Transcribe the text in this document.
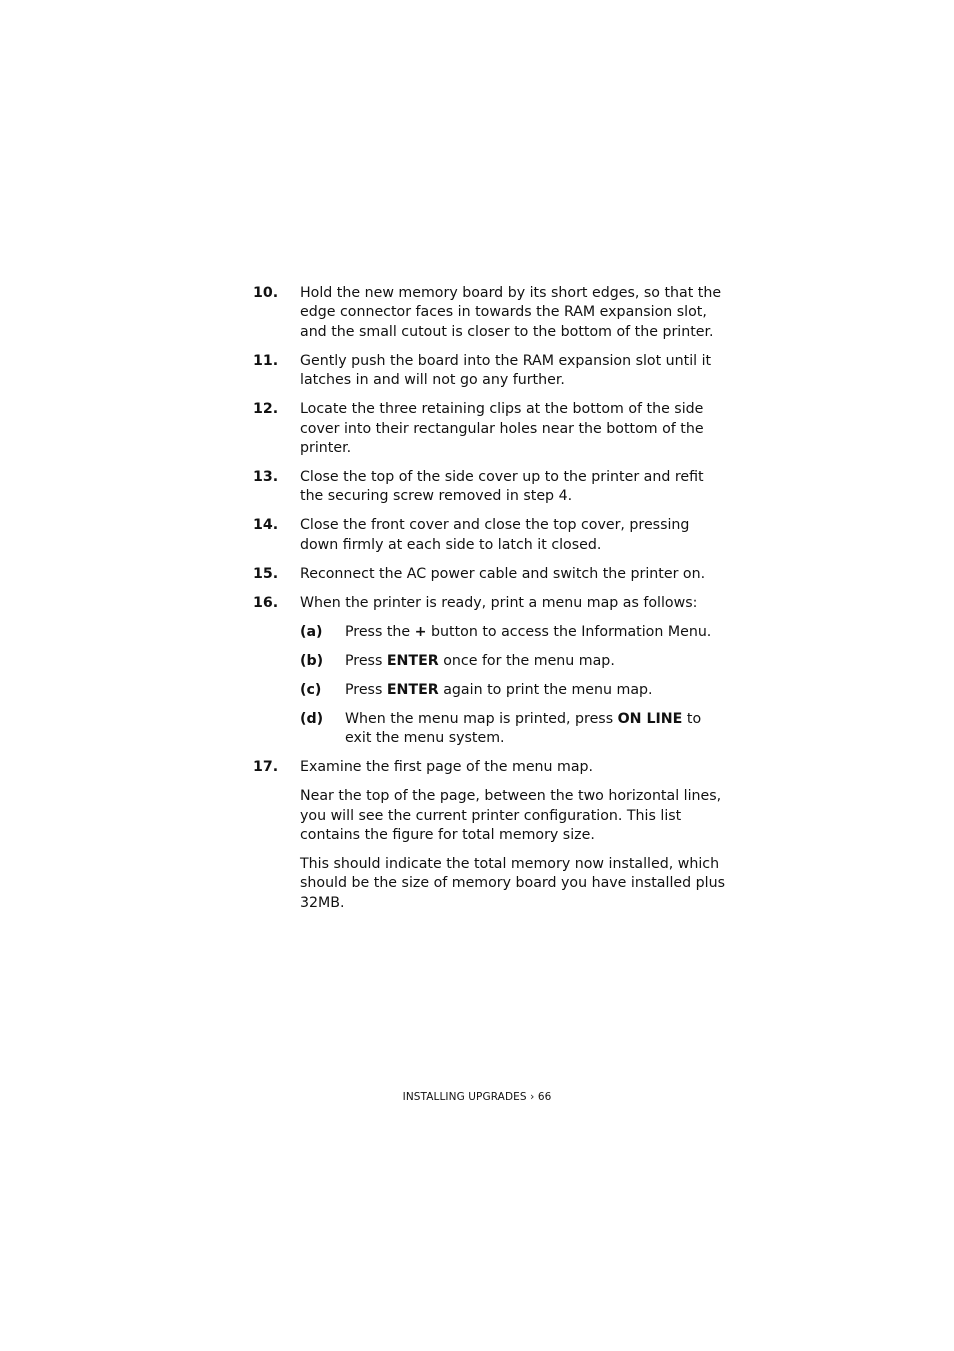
10.	Hold the new memory board by its short edges, so that the edge connector faces in towards the RAM expansion slot, and the small cutout is closer to the bottom of the printer.
11.	Gently push the board into the RAM expansion slot until it latches in and will not go any further.
12.	Locate the three retaining clips at the bottom of the side cover into their rectangular holes near the bottom of the printer.
13.	Close the top of the side cover up to the printer and refit the securing screw removed in step 4.
14.	Close the front cover and close the top cover, pressing down firmly at each side to latch it closed.
15.	Reconnect the AC power cable and switch the printer on.
16.	When the printer is ready, print a menu map as follows:
(a)	Press the + button to access the Information Menu.
(b)	Press ENTER once for the menu map.
(c)	Press ENTER again to print the menu map.
(d)	When the menu map is printed, press ON LINE to exit the menu system.
17.	Examine the first page of the menu map.
Near the top of the page, between the two horizontal lines, you will see the current printer configuration. This list contains the figure for total memory size.
This should indicate the total memory now installed, which should be the size of memory board you have installed plus 32MB.
INSTALLING UPGRADES › 66
